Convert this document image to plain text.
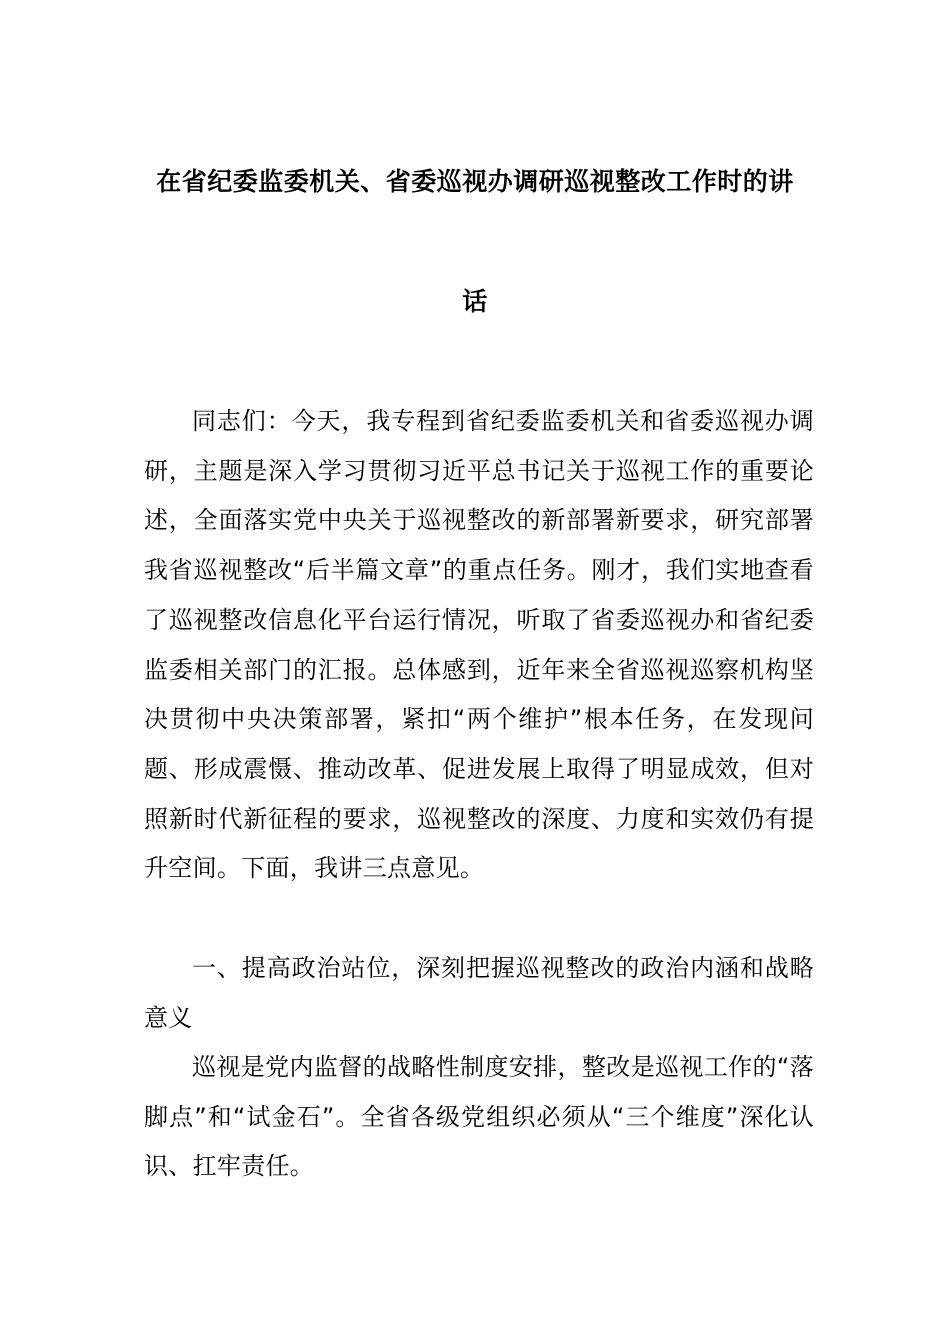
在省纪委监委机关、省委巡视办调研巡视整改工作时的讲
话

同志们：今天，我专程到省纪委监委机关和省委巡视办调研，主题是深入学习贯彻习近平总书记关于巡视工作的重要论述，全面落实党中央关于巡视整改的新部署新要求，研究部署我省巡视整改“后半篇文章”的重点任务。刚才，我们实地查看了巡视整改信息化平台运行情况，听取了省委巡视办和省纪委监委相关部门的汇报。总体感到，近年来全省巡视巡察机构坚决贯彻中央决策部署，紧扣“两个维护”根本任务，在发现问题、形成震慑、推动改革、促进发展上取得了明显成效，但对照新时代新征程的要求，巡视整改的深度、力度和实效仍有提升空间。下面，我讲三点意见。

一、提高政治站位，深刻把握巡视整改的政治内涵和战略意义

巡视是党内监督的战略性制度安排，整改是巡视工作的“落脚点”和“试金石”。全省各级党组织必须从“三个维度”深化认识、扛牢责任。
